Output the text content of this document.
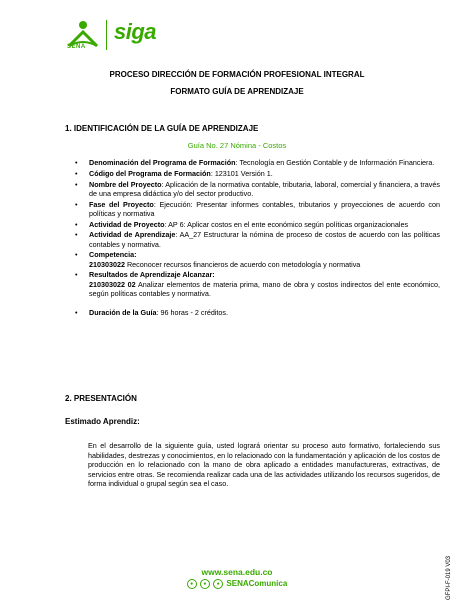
SENA
siga
PROCESO DIRECCIÓN DE FORMACIÓN PROFESIONAL INTEGRAL
FORMATO GUÍA DE APRENDIZAJE
1. IDENTIFICACIÓN DE LA GUÍA DE APRENDIZAJE
Guía No. 27 Nómina - Costos
• Denominación del Programa de Formación: Tecnología en Gestión Contable y de Información Financiera.
• Código del Programa de Formación: 123101 Versión 1.
• Nombre del Proyecto: Aplicación de la normativa contable, tributaria, laboral, comercial y financiera, a través de una empresa didáctica y/o del sector productivo.
• Fase del Proyecto: Ejecución: Presentar informes contables, tributarios y proyecciones de acuerdo con políticas y normativa
• Actividad de Proyecto: AP 6: Aplicar costos en el ente económico según políticas organizacionales
• Actividad de Aprendizaje: AA_27 Estructurar la nómina de proceso de costos de acuerdo con las políticas contables y normativa.
• Competencia:
210303022 Reconocer recursos financieros de acuerdo con metodología y normativa
• Resultados de Aprendizaje Alcanzar:
210303022 02 Analizar elementos de materia prima, mano de obra y costos indirectos del ente económico, según políticas contables y normativa.
• Duración de la Guía: 96 horas - 2 créditos.
2. PRESENTACIÓN
Estimado Aprendiz:
En el desarrollo de la siguiente guía, usted logrará orientar su proceso auto formativo, fortaleciendo sus habilidades, destrezas y conocimientos, en lo relacionado con la fundamentación y aplicación de los costos de producción en lo relacionado con la mano de obra aplicado a entidades manufactureras, extractivas, de servicios entre otras. Se recomienda realizar cada una de las actividades utilizando los recursos sugeridos, de forma individual o grupal según sea el caso.
www.sena.edu.co
● ● ● SENAComunica	GFPI-F-019 V03
